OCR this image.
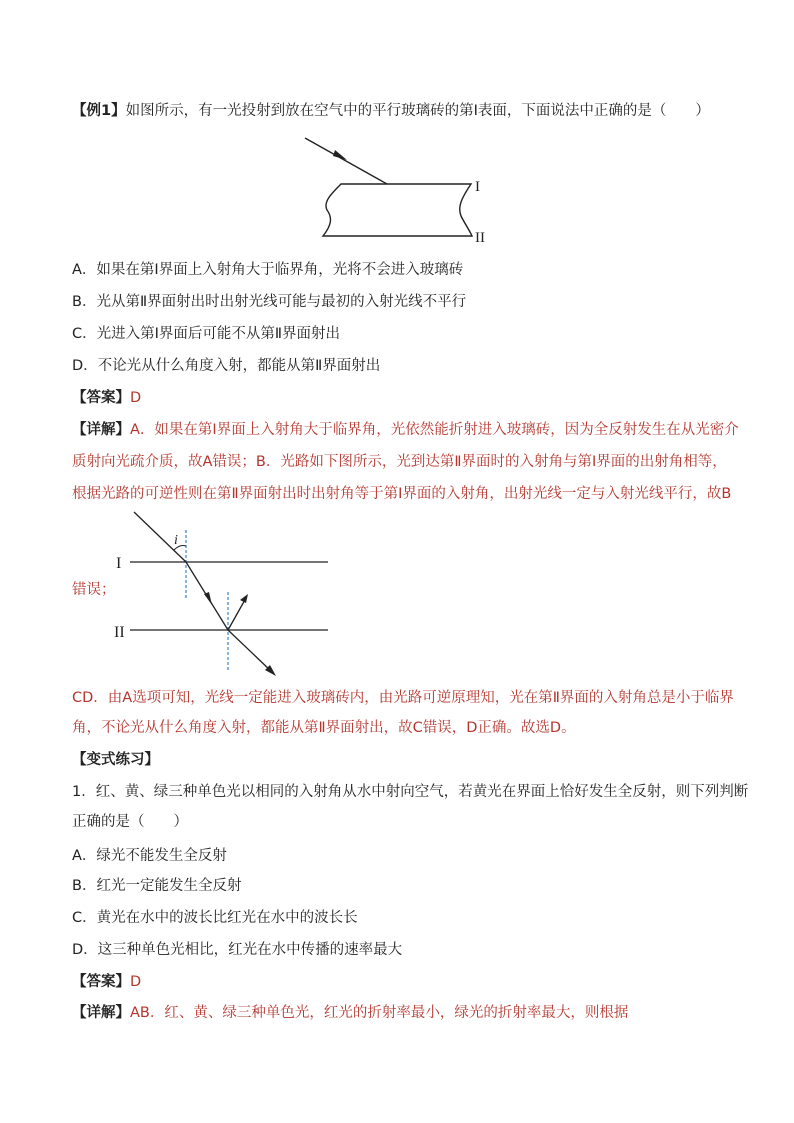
【例1】如图所示，有一光投射到放在空气中的平行玻璃砖的第Ⅰ表面，下面说法中正确的是（　　）
I
II
A．如果在第Ⅰ界面上入射角大于临界角，光将不会进入玻璃砖
B．光从第Ⅱ界面射出时出射光线可能与最初的入射光线不平行
C．光进入第Ⅰ界面后可能不从第Ⅱ界面射出
D．不论光从什么角度入射，都能从第Ⅱ界面射出
【答案】D
【详解】A．如果在第Ⅰ界面上入射角大于临界角，光依然能折射进入玻璃砖，因为全反射发生在从光密介
质射向光疏介质，故A错误；B．光路如下图所示，光到达第Ⅱ界面时的入射角与第Ⅰ界面的出射角相等，
根据光路的可逆性则在第Ⅱ界面射出时出射角等于第Ⅰ界面的入射角，出射光线一定与入射光线平行，故B
错误；
I
II
i
CD．由A选项可知，光线一定能进入玻璃砖内，由光路可逆原理知，光在第Ⅱ界面的入射角总是小于临界
角，不论光从什么角度入射，都能从第Ⅱ界面射出，故C错误，D正确。故选D。
【变式练习】
1．红、黄、绿三种单色光以相同的入射角从水中射向空气，若黄光在界面上恰好发生全反射，则下列判断
正确的是（　　）
A．绿光不能发生全反射
B．红光一定能发生全反射
C．黄光在水中的波长比红光在水中的波长长
D．这三种单色光相比，红光在水中传播的速率最大
【答案】D
【详解】AB．红、黄、绿三种单色光，红光的折射率最小，绿光的折射率最大，则根据
